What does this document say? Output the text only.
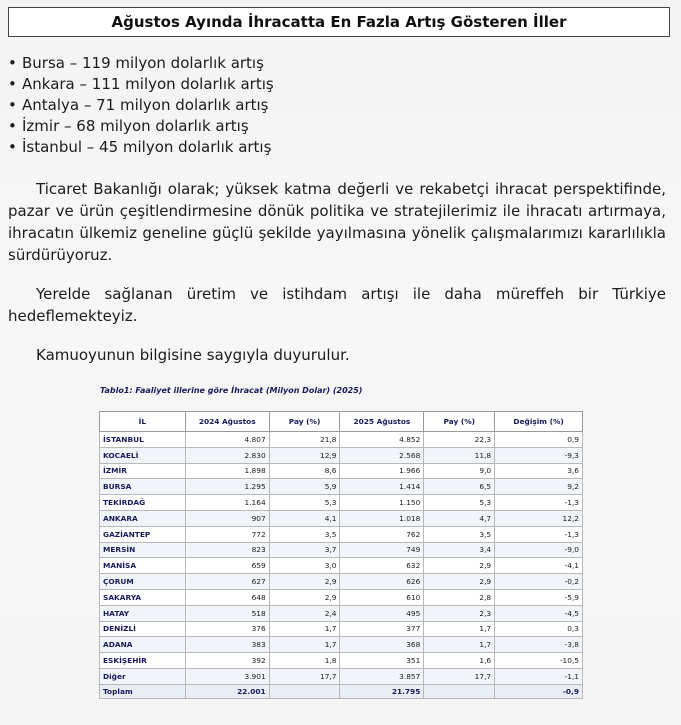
Ağustos Ayında İhracatta En Fazla Artış Gösteren İller
• Bursa – 119 milyon dolarlık artış
• Ankara – 111 milyon dolarlık artış
• Antalya – 71 milyon dolarlık artış
• İzmir – 68 milyon dolarlık artış
• İstanbul – 45 milyon dolarlık artış

Ticaret Bakanlığı olarak; yüksek katma değerli ve rekabetçi ihracat perspektifinde, pazar ve ürün çeşitlendirmesine dönük politika ve stratejilerimiz ile ihracatı artırmaya, ihracatın ülkemiz geneline güçlü şekilde yayılmasına yönelik çalışmalarımızı kararlılıkla sürdürüyoruz.

Yerelde sağlanan üretim ve istihdam artışı ile daha müreffeh bir Türkiye hedeflemekteyiz.

Kamuoyunun bilgisine saygıyla duyurulur.

Tablo1: Faaliyet illerine göre İhracat (Milyon Dolar) (2025)
İL	2024 Ağustos	Pay (%)	2025 Ağustos	Pay (%)	Değişim (%)
İSTANBUL	4.807	21,8	4.852	22,3	0,9
KOCAELİ	2.830	12,9	2.568	11,8	-9,3
İZMİR	1.898	8,6	1.966	9,0	3,6
BURSA	1.295	5,9	1.414	6,5	9,2
TEKİRDAĞ	1.164	5,3	1.150	5,3	-1,3
ANKARA	907	4,1	1.018	4,7	12,2
GAZİANTEP	772	3,5	762	3,5	-1,3
MERSİN	823	3,7	749	3,4	-9,0
MANİSA	659	3,0	632	2,9	-4,1
ÇORUM	627	2,9	626	2,9	-0,2
SAKARYA	648	2,9	610	2,8	-5,9
HATAY	518	2,4	495	2,3	-4,5
DENİZLİ	376	1,7	377	1,7	0,3
ADANA	383	1,7	368	1,7	-3,8
ESKİŞEHİR	392	1,8	351	1,6	-10,5
Diğer	3.901	17,7	3.857	17,7	-1,1
Toplam	22.001		21.795		-0,9
